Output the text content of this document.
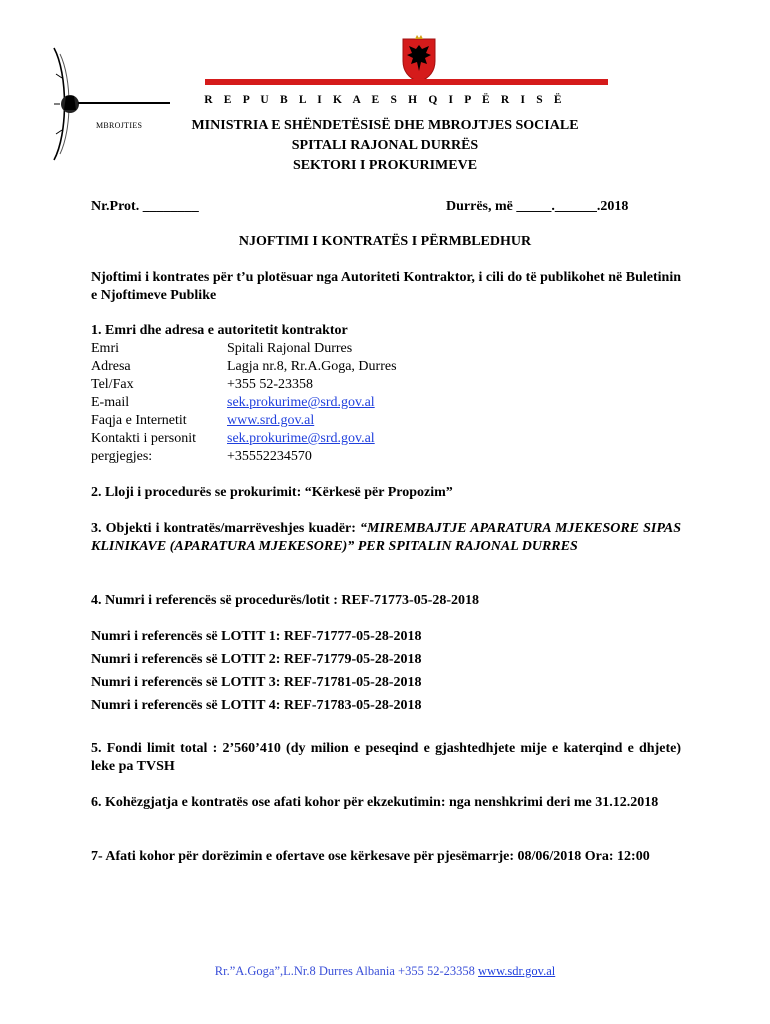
MBROJTIES
R E P U B L I K A E S H Q I P Ë R I S Ë
MINISTRIA E SHËNDETËSISË DHE MBROJTJES SOCIALE
SPITALI RAJONAL DURRËS
SEKTORI I PROKURIMEVE
Nr.Prot. ________	Durrës, më _____.______.2018
NJOFTIMI I KONTRATËS I PËRMBLEDHUR
Njoftimi i kontrates për t’u plotësuar nga Autoriteti Kontraktor, i cili do të publikohet në Buletinin e Njoftimeve Publike
1. Emri dhe adresa e autoritetit kontraktor
Emri	Spitali Rajonal Durres
Adresa	Lagja nr.8, Rr.A.Goga, Durres
Tel/Fax	+355 52-23358
E-mail	sek.prokurime@srd.gov.al
Faqja e Internetit	www.srd.gov.al
Kontakti i personit sek.prokurime@srd.gov.al
pergjegjes:	+35552234570
2. Lloji i procedurës se prokurimit: “Kërkesë për Propozim”
3. Objekti i kontratës/marrëveshjes kuadër: “MIREMBAJTJE APARATURA MJEKESORE SIPAS KLINIKAVE (APARATURA MJEKESORE)” PER SPITALIN RAJONAL DURRES
4. Numri i referencës së procedurës/lotit : REF-71773-05-28-2018
Numri i referencës së LOTIT 1: REF-71777-05-28-2018
Numri i referencës së LOTIT 2: REF-71779-05-28-2018
Numri i referencës së LOTIT 3: REF-71781-05-28-2018
Numri i referencës së LOTIT 4: REF-71783-05-28-2018
5. Fondi limit total : 2’560’410 (dy milion e peseqind e gjashtedhjete mije e katerqind e dhjete) leke pa TVSH
6. Kohëzgjatja e kontratës ose afati kohor për ekzekutimin: nga nenshkrimi deri me 31.12.2018
7- Afati kohor për dorëzimin e ofertave ose kërkesave për pjesëmarrje: 08/06/2018 Ora: 12:00
Rr.”A.Goga”,L.Nr.8 Durres Albania +355 52-23358 www.sdr.gov.al
